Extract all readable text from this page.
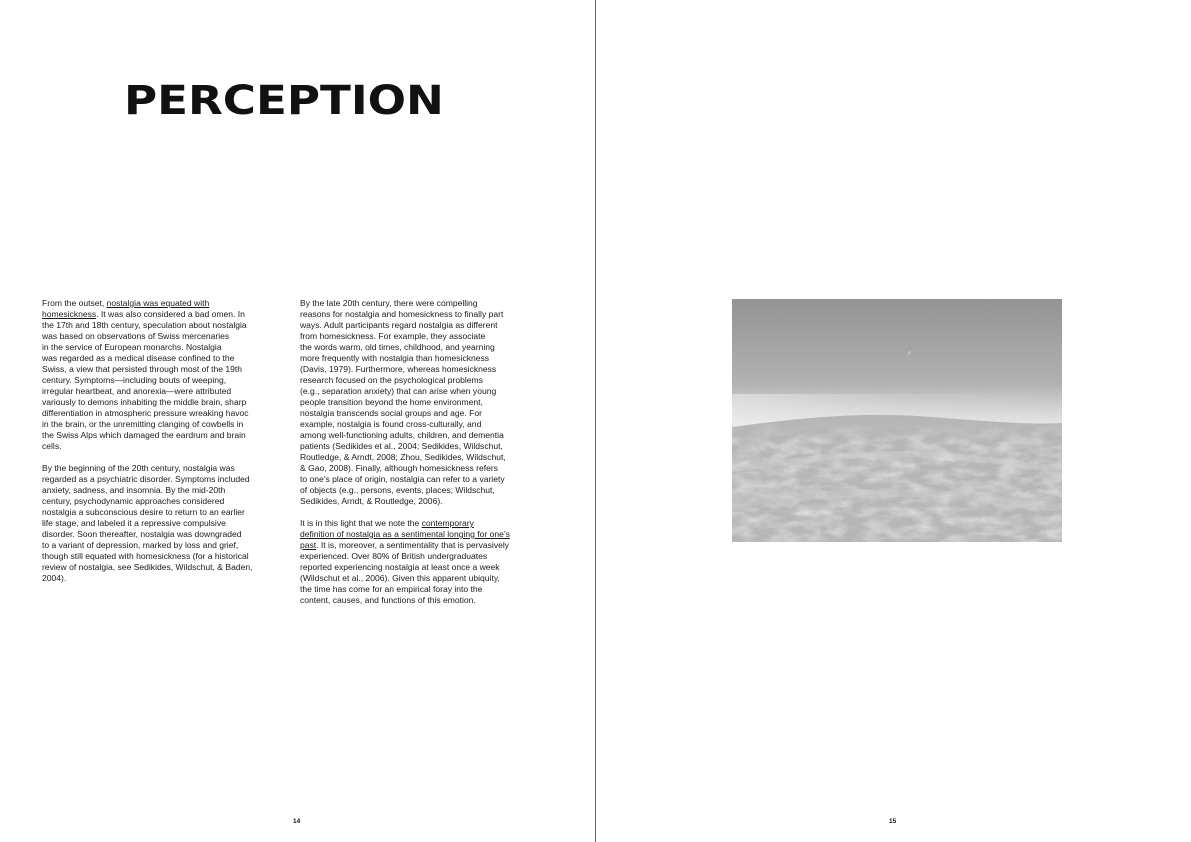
PERCEPTION

From the outset, nostalgia was equated with
homesickness. It was also considered a bad omen. In
the 17th and 18th century, speculation about nostalgia
was based on observations of Swiss mercenaries
in the service of European monarchs. Nostalgia
was regarded as a medical disease confined to the
Swiss, a view that persisted through most of the 19th
century. Symptoms—including bouts of weeping,
irregular heartbeat, and anorexia—were attributed
variously to demons inhabiting the middle brain, sharp
differentiation in atmospheric pressure wreaking havoc
in the brain, or the unremitting clanging of cowbells in
the Swiss Alps which damaged the eardrum and brain
cells.

By the beginning of the 20th century, nostalgia was
regarded as a psychiatric disorder. Symptoms included
anxiety, sadness, and insomnia. By the mid-20th
century, psychodynamic approaches considered
nostalgia a subconscious desire to return to an earlier
life stage, and labeled it a repressive compulsive
disorder. Soon thereafter, nostalgia was downgraded
to a variant of depression, marked by loss and grief,
though still equated with homesickness (for a historical
review of nostalgia, see Sedikides, Wildschut, & Baden,
2004).

By the late 20th century, there were compelling
reasons for nostalgia and homesickness to finally part
ways. Adult participants regard nostalgia as different
from homesickness. For example, they associate
the words warm, old times, childhood, and yearning
more frequently with nostalgia than homesickness
(Davis, 1979). Furthermore, whereas homesickness
research focused on the psychological problems
(e.g., separation anxiety) that can arise when young
people transition beyond the home environment,
nostalgia transcends social groups and age. For
example, nostalgia is found cross-culturally, and
among well-functioning adults, children, and dementia
patients (Sedikides et al., 2004; Sedikides, Wildschut,
Routledge, & Arndt, 2008; Zhou, Sedikides, Wildschut,
& Gao, 2008). Finally, although homesickness refers
to one’s place of origin, nostalgia can refer to a variety
of objects (e.g., persons, events, places; Wildschut,
Sedikides, Arndt, & Routledge, 2006).

It is in this light that we note the contemporary
definition of nostalgia as a sentimental longing for one’s
past. It is, moreover, a sentimentality that is pervasively
experienced. Over 80% of British undergraduates
reported experiencing nostalgia at least once a week
(Wildschut et al., 2006). Given this apparent ubiquity,
the time has come for an empirical foray into the
content, causes, and functions of this emotion.

14	15
